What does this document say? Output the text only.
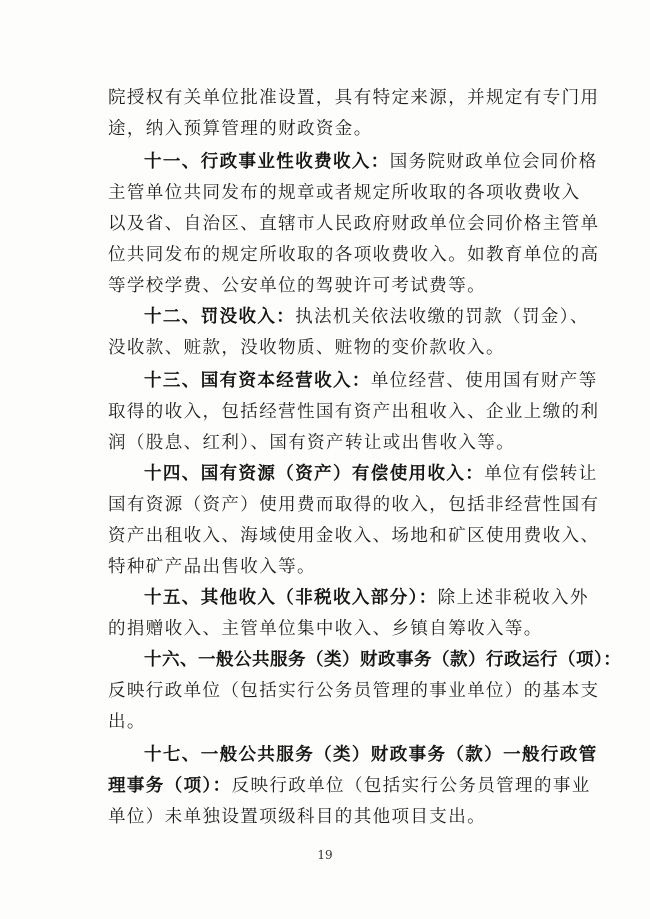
院授权有关单位批准设置，具有特定来源，并规定有专门用
途，纳入预算管理的财政资金。
十一、行政事业性收费收入：国务院财政单位会同价格
主管单位共同发布的规章或者规定所收取的各项收费收入
以及省、自治区、直辖市人民政府财政单位会同价格主管单
位共同发布的规定所收取的各项收费收入。如教育单位的高
等学校学费、公安单位的驾驶许可考试费等。
十二、罚没收入：执法机关依法收缴的罚款（罚金）、
没收款、赃款，没收物质、赃物的变价款收入。
十三、国有资本经营收入：单位经营、使用国有财产等
取得的收入，包括经营性国有资产出租收入、企业上缴的利
润（股息、红利）、国有资产转让或出售收入等。
十四、国有资源（资产）有偿使用收入：单位有偿转让
国有资源（资产）使用费而取得的收入，包括非经营性国有
资产出租收入、海域使用金收入、场地和矿区使用费收入、
特种矿产品出售收入等。
十五、其他收入（非税收入部分）：除上述非税收入外
的捐赠收入、主管单位集中收入、乡镇自筹收入等。
十六、一般公共服务（类）财政事务（款）行政运行（项）：
反映行政单位（包括实行公务员管理的事业单位）的基本支
出。
十七、一般公共服务（类）财政事务（款）一般行政管
理事务（项）：反映行政单位（包括实行公务员管理的事业
单位）未单独设置项级科目的其他项目支出。
19
